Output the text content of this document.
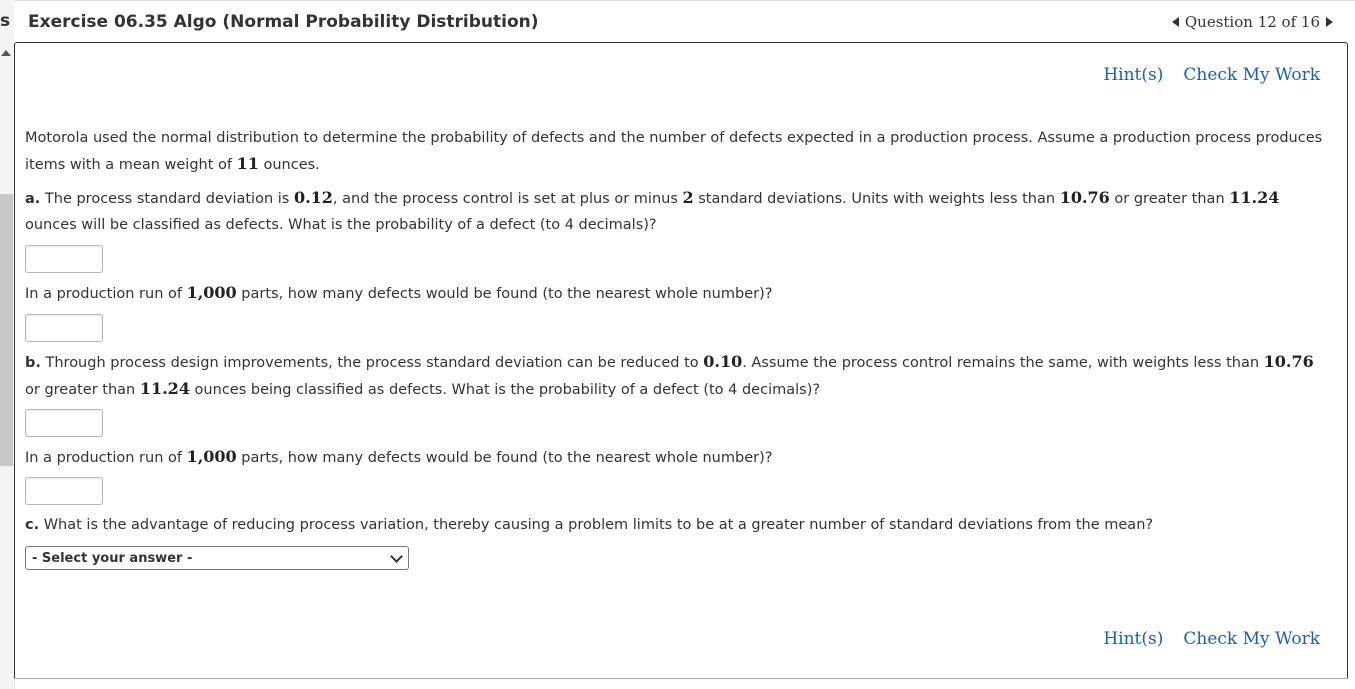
s Exercise 06.35 Algo (Normal Probability Distribution)	Question 12 of 16
Hint(s) Check My Work
Motorola used the normal distribution to determine the probability of defects and the number of defects expected in a production process. Assume a production process produces items with a mean weight of 11 ounces.
a. The process standard deviation is 0.12, and the process control is set at plus or minus 2 standard deviations. Units with weights less than 10.76 or greater than 11.24 ounces will be classified as defects. What is the probability of a defect (to 4 decimals)?
In a production run of 1,000 parts, how many defects would be found (to the nearest whole number)?
b. Through process design improvements, the process standard deviation can be reduced to 0.10. Assume the process control remains the same, with weights less than 10.76 or greater than 11.24 ounces being classified as defects. What is the probability of a defect (to 4 decimals)?
In a production run of 1,000 parts, how many defects would be found (to the nearest whole number)?
c. What is the advantage of reducing process variation, thereby causing a problem limits to be at a greater number of standard deviations from the mean?
- Select your answer -
Hint(s) Check My Work
